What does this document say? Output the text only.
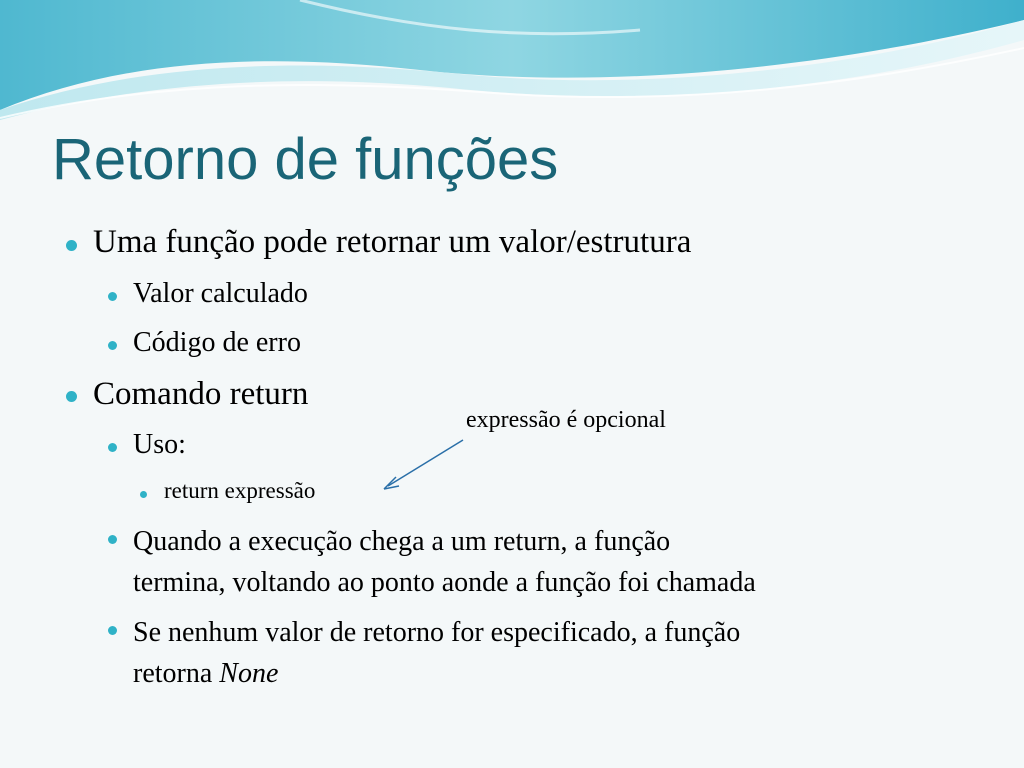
Retorno de funções
Uma função pode retornar um valor/estrutura
Valor calculado
Código de erro
Comando return
Uso:
return expressão
Quando a execução chega a um return, a função
termina, voltando ao ponto aonde a função foi chamada
Se nenhum valor de retorno for especificado, a função
retorna None
expressão é opcional
